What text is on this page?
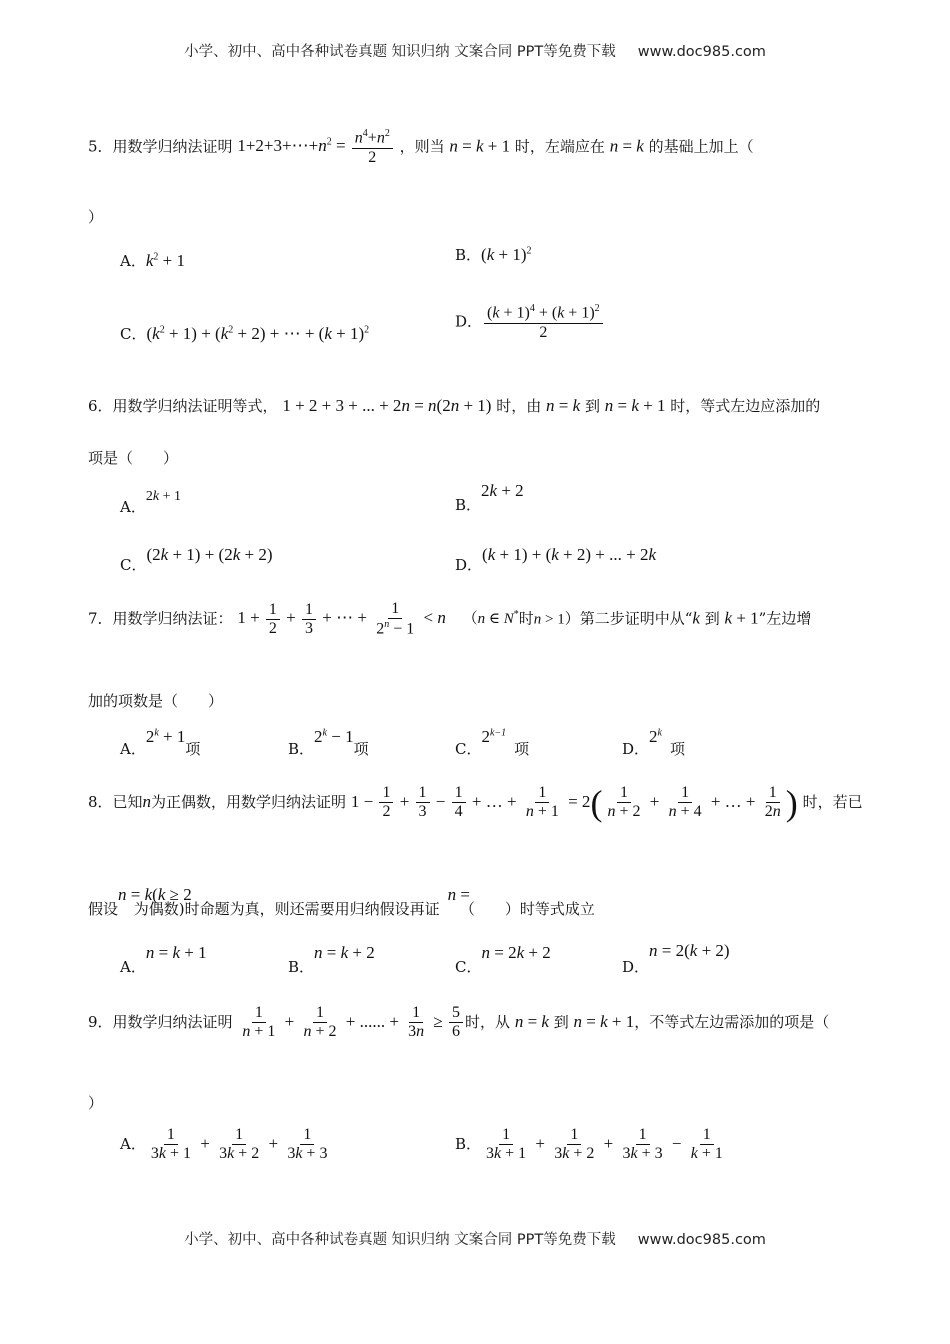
小学、初中、高中各种试卷真题 知识归纳 文案合同 PPT等免费下载 www.doc985.com
5．用数学归纳法证明 $1+2+3+\cdots+n^2 = \frac{n^4+n^2}{2}$ ，则当 n = k + 1 时，左端应在 n = k 的基础上加上（
）
A．$k^2 + 1$	B．$(k + 1)^2$
C．$(k^2 + 1) + (k^2 + 2)$ + ⋯ + $(k + 1)^2$	D． $\frac{(k + 1)^4 + (k + 1)^2}{2}$
6．用数学归纳法证明等式， 1 + 2 + 3 + ... + 2n = n(2n + 1) 时，由 n = k 到 n = k + 1 时，等式左边应添加的
项是（　　）
A．2k + 1	B．2k + 2
C．(2k + 1) + (2k + 2)
D．(k + 1) + (k + 2) + ... + 2k
7．用数学归纳法证： $1 + \frac{1}{2} + \frac{1}{3}$ + ⋯ + $\frac{1}{2^n - 1} < n$ （n ∈ N*时n > 1）第二步证明中从“k 到 k + 1”左边增
加的项数是（　　）
A．$2^k + 1$项	B．$2^k - 1$项	C．$2^{k-1}$项	D．2$^k$项
8．已知n为正偶数，用数学归纳法证明 $1 - \frac{1}{2} + \frac{1}{3} - \frac{1}{4}$ + … + $\frac{1}{n + 1} = 2( \frac{1}{n + 2} + \frac{1}{n + 4}$ + … + $\frac{1}{2n}$ ) 时，若已
假设n = k(k ≥ 2为偶数)时命题为真，则还需要用归纳假设再证n =（　　）时等式成立
A．n = k + 1
B．n = k + 2
C．n = 2k + 2
D．n = 2(k + 2)
9．用数学归纳法证明 $\frac{1}{n + 1} + \frac{1}{n + 2}$ + ...... + $\frac{1}{3n} \ge \frac{5}{6}$ 时，从 n = k 到 n = k + 1，不等式左边需添加的项是（
）
A． $\frac{1}{3k + 1} + \frac{1}{3k + 2} + \frac{1}{3k + 3}$	B． $\frac{1}{3k + 1} + \frac{1}{3k + 2} + \frac{1}{3k + 3} - \frac{1}{k + 1}$
小学、初中、高中各种试卷真题 知识归纳 文案合同 PPT等免费下载 www.doc985.com
